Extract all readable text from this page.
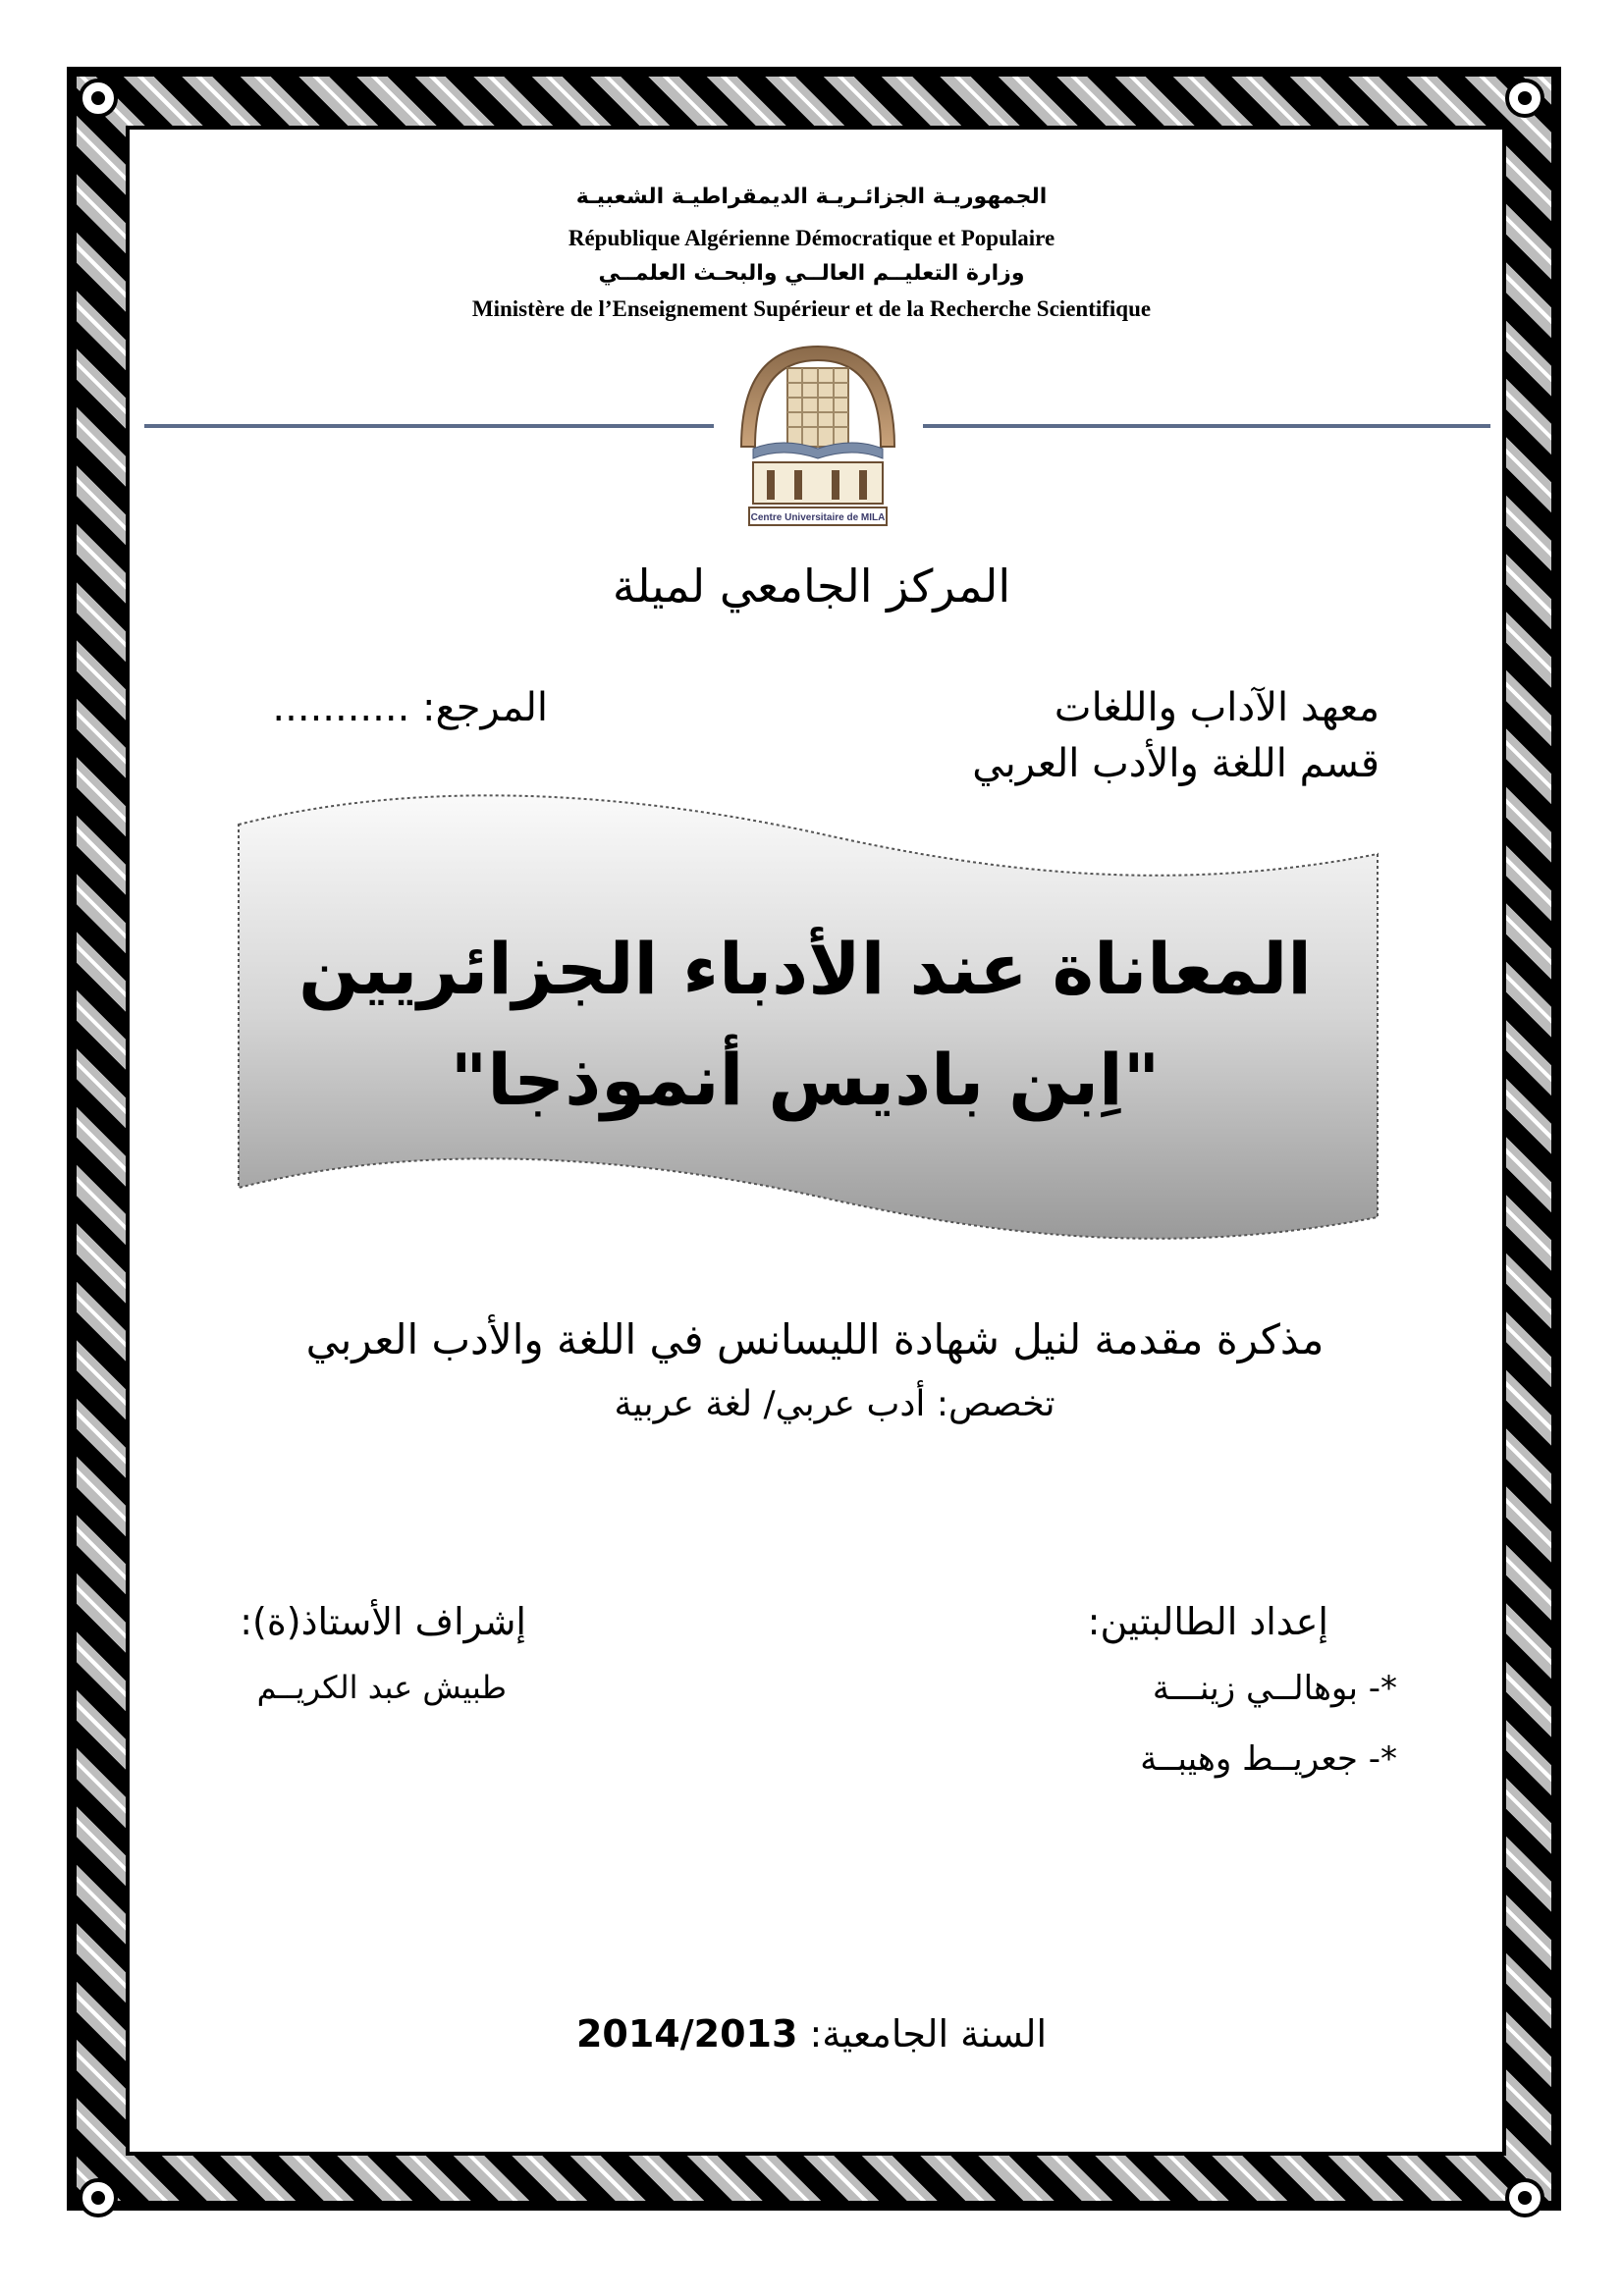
الجمهوريـة الجزائـريـة الديمقراطيـة الشعبيـة
République Algérienne Démocratique et Populaire
وزارة التعليــم العالــي والبحـث العلمــي
Ministère de l’Enseignement Supérieur et de la Recherche Scientifique
Centre Universitaire de MILA
المركز الجامعي لميلة
معهد الآداب واللغات
قسم اللغة والأدب العربي
المرجع: ...........
المعاناة عند الأدباء الجزائريين
"اِبن باديس أنموذجا"
مذكرة مقدمة لنيل شهادة الليسانس في اللغة والأدب العربي
تخصص: أدب عربي/ لغة عربية
إعداد الطالبتين:
*- بوهالــي زينـــة
*- جعريــط وهيبــة
إشراف الأستاذ(ة):
طبيش عبد الكريــم
السنة الجامعية: 2014/2013
